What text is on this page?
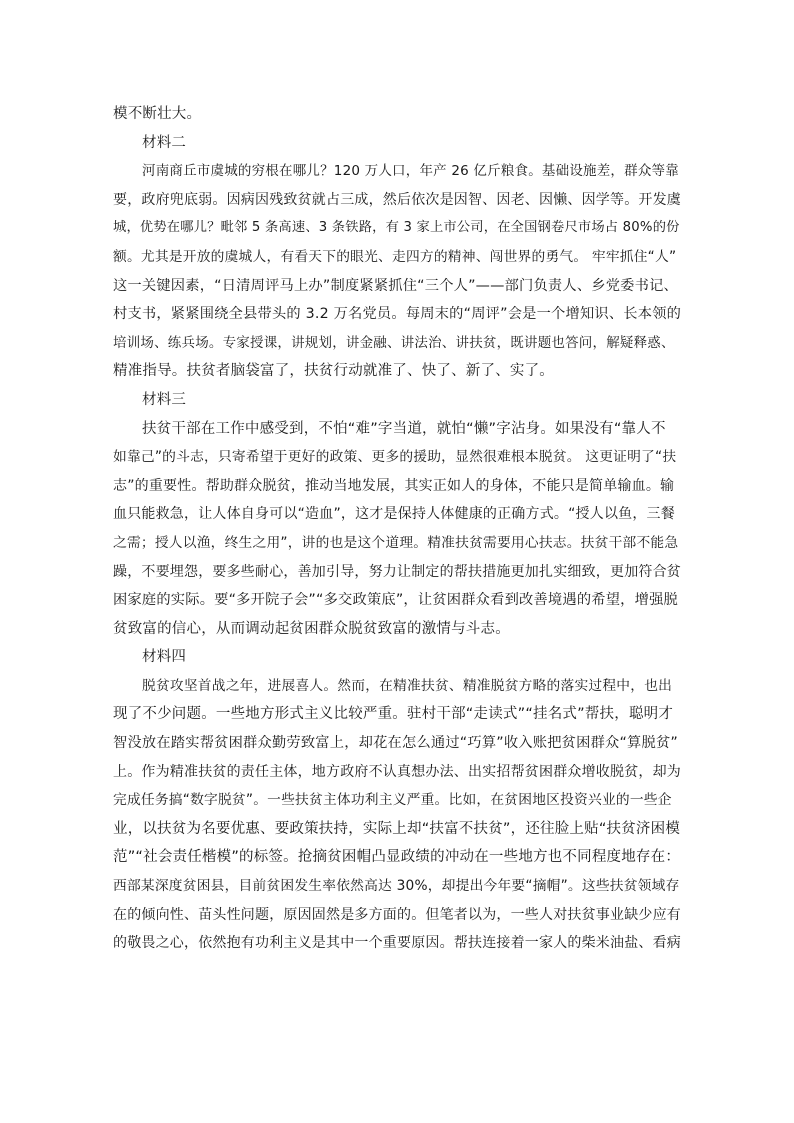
模不断壮大。
材料二
河南商丘市虞城的穷根在哪儿？120 万人口，年产 26 亿斤粮食。基础设施差，群众等靠
要，政府兜底弱。因病因残致贫就占三成，然后依次是因智、因老、因懒、因学等。开发虞
城，优势在哪儿？毗邻 5 条高速、3 条铁路，有 3 家上市公司，在全国钢卷尺市场占 80%的份
额。尤其是开放的虞城人，有看天下的眼光、走四方的精神、闯世界的勇气。 牢牢抓住“人”
这一关键因素，“日清周评马上办”制度紧紧抓住“三个人”——部门负责人、乡党委书记、
村支书，紧紧围绕全县带头的 3.2 万名党员。每周末的“周评”会是一个增知识、长本领的
培训场、练兵场。专家授课，讲规划，讲金融、讲法治、讲扶贫，既讲题也答问，解疑释惑、
精准指导。扶贫者脑袋富了，扶贫行动就准了、快了、新了、实了。
材料三
扶贫干部在工作中感受到，不怕“难”字当道，就怕“懒”字沾身。如果没有“靠人不
如靠己”的斗志，只寄希望于更好的政策、更多的援助，显然很难根本脱贫。 这更证明了“扶
志”的重要性。帮助群众脱贫，推动当地发展，其实正如人的身体，不能只是简单输血。输
血只能救急，让人体自身可以“造血”，这才是保持人体健康的正确方式。“授人以鱼，三餐
之需；授人以渔，终生之用”，讲的也是这个道理。精准扶贫需要用心扶志。扶贫干部不能急
躁，不要埋怨，要多些耐心，善加引导，努力让制定的帮扶措施更加扎实细致，更加符合贫
困家庭的实际。要“多开院子会”“多交政策底”，让贫困群众看到改善境遇的希望，增强脱
贫致富的信心，从而调动起贫困群众脱贫致富的激情与斗志。
材料四
脱贫攻坚首战之年，进展喜人。然而，在精准扶贫、精准脱贫方略的落实过程中，也出
现了不少问题。一些地方形式主义比较严重。驻村干部“走读式”“挂名式”帮扶，聪明才
智没放在踏实帮贫困群众勤劳致富上，却花在怎么通过“巧算”收入账把贫困群众“算脱贫”
上。作为精准扶贫的责任主体，地方政府不认真想办法、出实招帮贫困群众增收脱贫，却为
完成任务搞“数字脱贫”。一些扶贫主体功利主义严重。比如，在贫困地区投资兴业的一些企
业，以扶贫为名要优惠、要政策扶持，实际上却“扶富不扶贫”，还往脸上贴“扶贫济困模
范”“社会责任楷模”的标签。抢摘贫困帽凸显政绩的冲动在一些地方也不同程度地存在：
西部某深度贫困县，目前贫困发生率依然高达 30%，却提出今年要“摘帽”。这些扶贫领域存
在的倾向性、苗头性问题，原因固然是多方面的。但笔者以为，一些人对扶贫事业缺少应有
的敬畏之心，依然抱有功利主义是其中一个重要原因。帮扶连接着一家人的柴米油盐、看病
